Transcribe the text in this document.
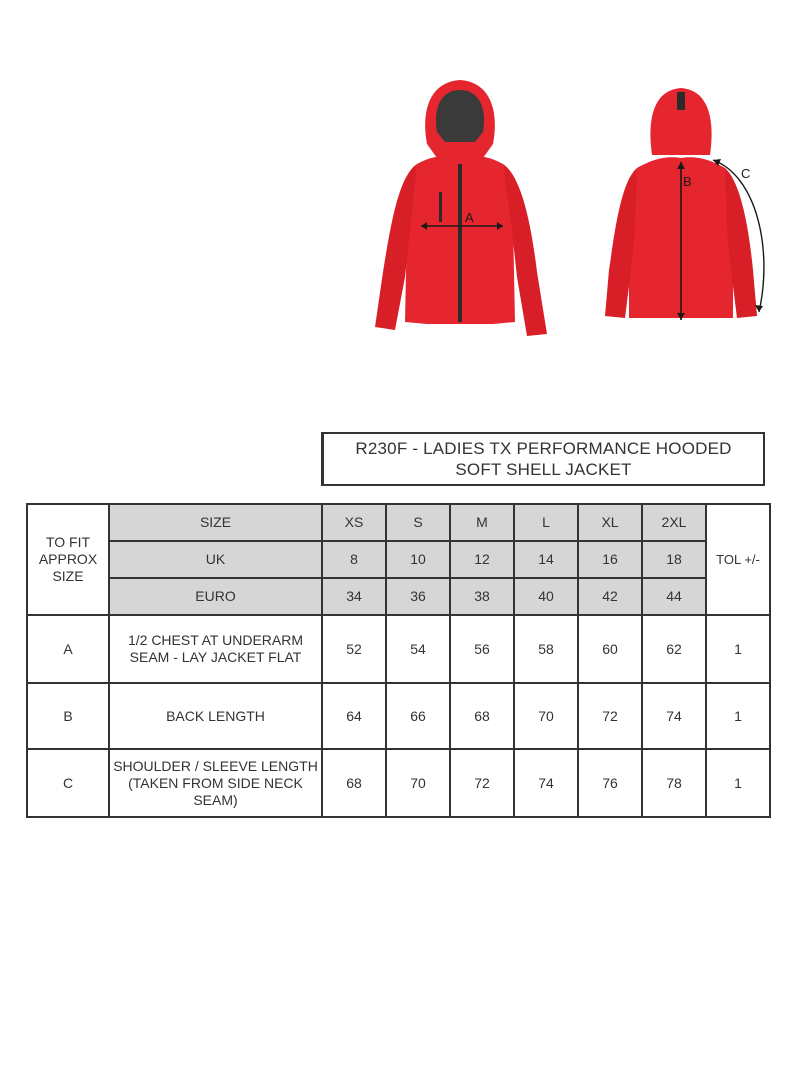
A
B
C
R230F - LADIES TX PERFORMANCE HOODED
SOFT SHELL JACKET
TO FIT APPROX SIZE	SIZE	XS	S	M	L	XL	2XL	TOL +/-
	UK	8	10	12	14	16	18	
	EURO	34	36	38	40	42	44	
A	1/2 CHEST AT UNDERARM SEAM - LAY JACKET FLAT	52	54	56	58	60	62	1
B	BACK LENGTH	64	66	68	70	72	74	1
C	SHOULDER / SLEEVE LENGTH (TAKEN FROM SIDE NECK SEAM)	68	70	72	74	76	78	1
